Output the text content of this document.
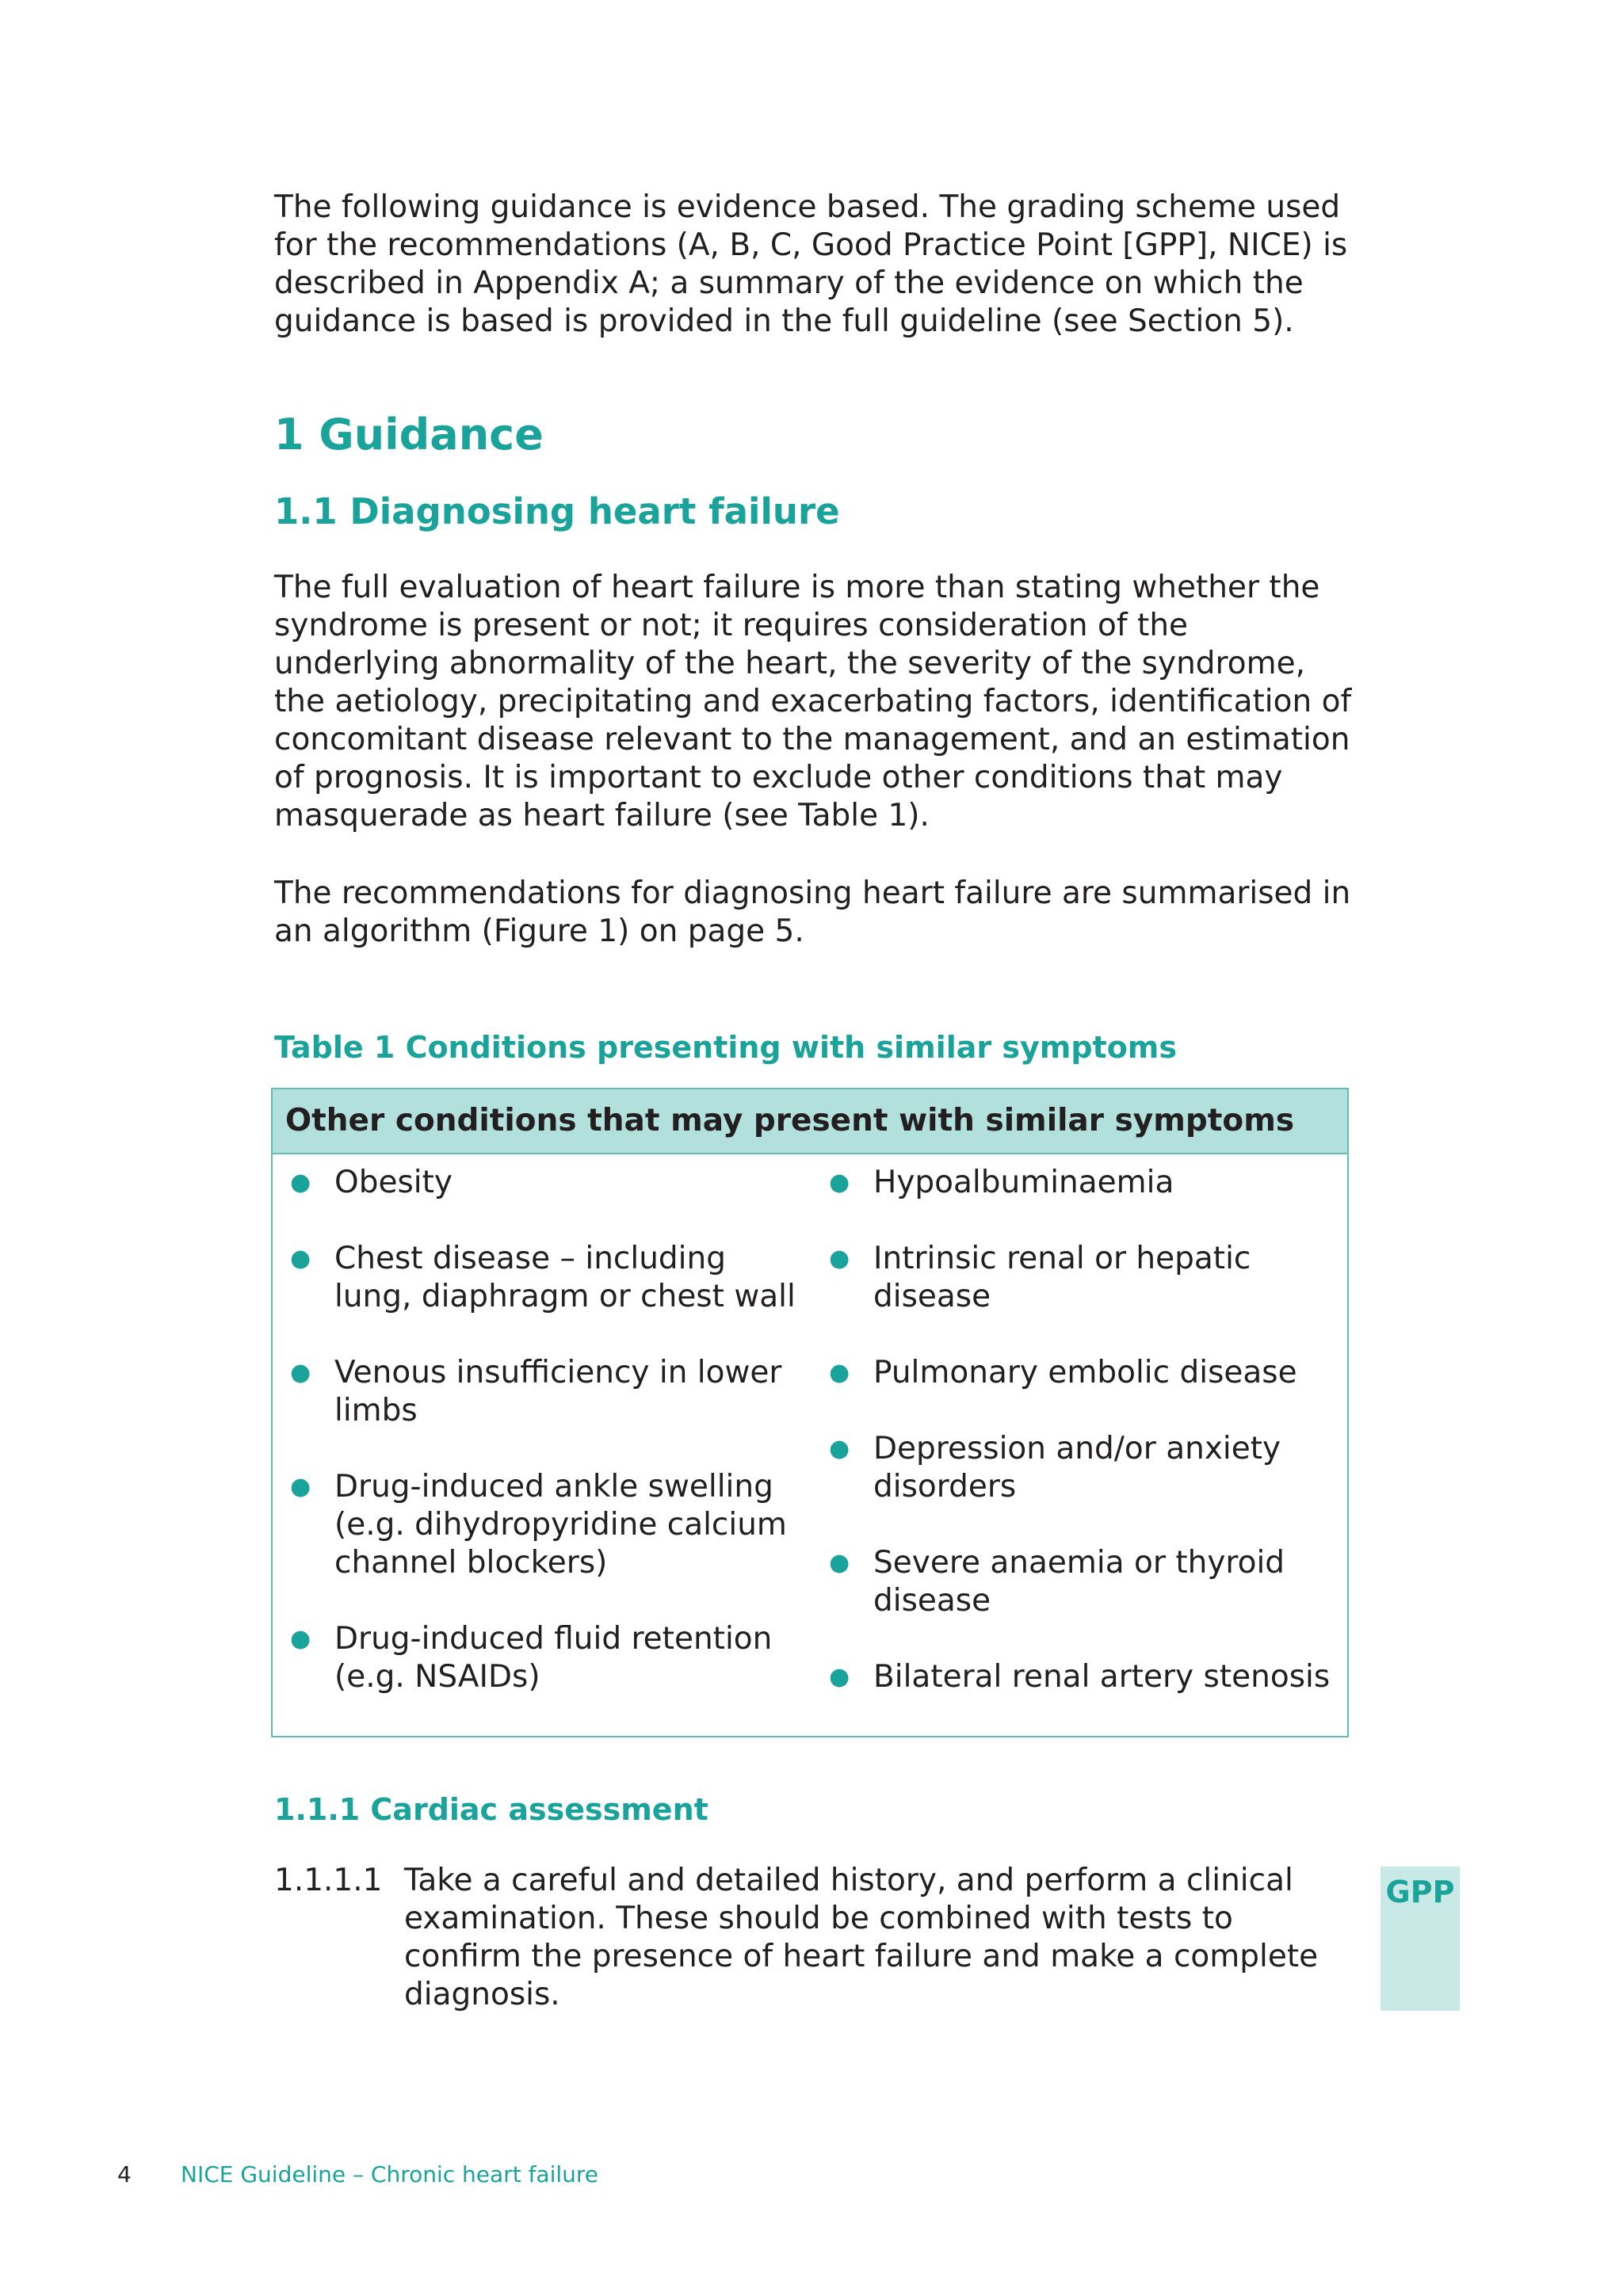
The following guidance is evidence based. The grading scheme used for the recommendations (A, B, C, Good Practice Point [GPP], NICE) is described in Appendix A; a summary of the evidence on which the guidance is based is provided in the full guideline (see Section 5).

1 Guidance
1.1 Diagnosing heart failure

The full evaluation of heart failure is more than stating whether the syndrome is present or not; it requires consideration of the underlying abnormality of the heart, the severity of the syndrome, the aetiology, precipitating and exacerbating factors, identification of concomitant disease relevant to the management, and an estimation of prognosis. It is important to exclude other conditions that may masquerade as heart failure (see Table 1).

The recommendations for diagnosing heart failure are summarised in an algorithm (Figure 1) on page 5.

Table 1 Conditions presenting with similar symptoms
Other conditions that may present with similar symptoms
● Obesity
● Chest disease – including lung, diaphragm or chest wall
● Venous insufficiency in lower limbs
● Drug-induced ankle swelling (e.g. dihydropyridine calcium channel blockers)
● Drug-induced fluid retention (e.g. NSAIDs)
● Hypoalbuminaemia
● Intrinsic renal or hepatic disease
● Pulmonary embolic disease
● Depression and/or anxiety disorders
● Severe anaemia or thyroid disease
● Bilateral renal artery stenosis
1.1.1 Cardiac assessment
1.1.1.1 Take a careful and detailed history, and perform a clinical examination. These should be combined with tests to confirm the presence of heart failure and make a complete diagnosis.

GPP
4 NICE Guideline – Chronic heart failure
